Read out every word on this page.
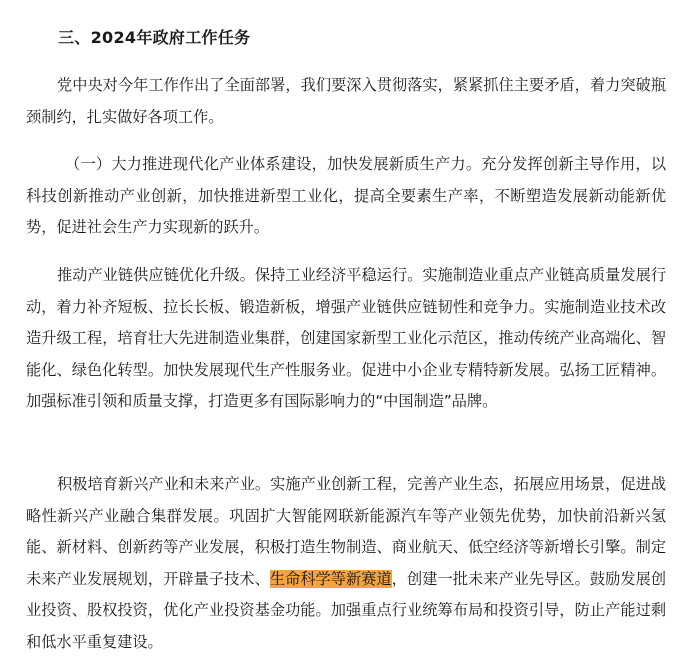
三、2024年政府工作任务

党中央对今年工作作出了全面部署，我们要深入贯彻落实，紧紧抓住主要矛盾，着力突破瓶颈制约，扎实做好各项工作。

（一）大力推进现代化产业体系建设，加快发展新质生产力。充分发挥创新主导作用，以科技创新推动产业创新，加快推进新型工业化，提高全要素生产率，不断塑造发展新动能新优势，促进社会生产力实现新的跃升。

推动产业链供应链优化升级。保持工业经济平稳运行。实施制造业重点产业链高质量发展行动，着力补齐短板、拉长长板、锻造新板，增强产业链供应链韧性和竞争力。实施制造业技术改造升级工程，培育壮大先进制造业集群，创建国家新型工业化示范区，推动传统产业高端化、智能化、绿色化转型。加快发展现代生产性服务业。促进中小企业专精特新发展。弘扬工匠精神。加强标准引领和质量支撑，打造更多有国际影响力的“中国制造”品牌。

积极培育新兴产业和未来产业。实施产业创新工程，完善产业生态，拓展应用场景，促进战略性新兴产业融合集群发展。巩固扩大智能网联新能源汽车等产业领先优势，加快前沿新兴氢能、新材料、创新药等产业发展，积极打造生物制造、商业航天、低空经济等新增长引擎。制定未来产业发展规划，开辟量子技术、生命科学等新赛道，创建一批未来产业先导区。鼓励发展创业投资、股权投资，优化产业投资基金功能。加强重点行业统筹布局和投资引导，防止产能过剩和低水平重复建设。
